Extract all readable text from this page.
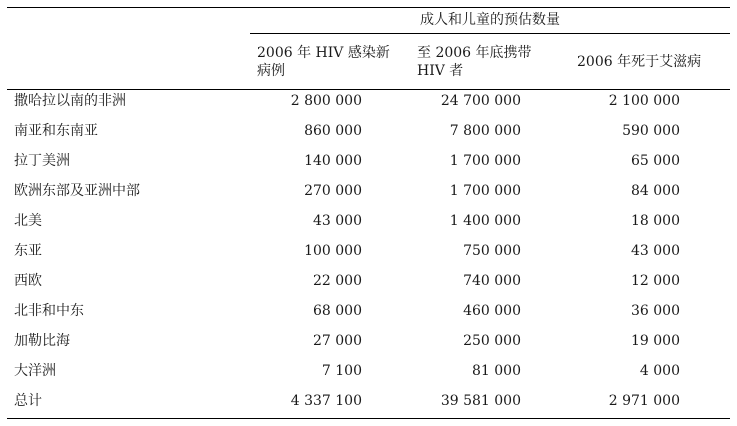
成人和儿童的预估数量
2006 年 HIV 感染新病例
至 2006 年底携带 HIV 者
2006 年死于艾滋病
撒哈拉以南的非洲	2 800 000	24 700 000	2 100 000
南亚和东南亚	860 000	7 800 000	590 000
拉丁美洲	140 000	1 700 000	65 000
欧洲东部及亚洲中部	270 000	1 700 000	84 000
北美	43 000	1 400 000	18 000
东亚	100 000	750 000	43 000
西欧	22 000	740 000	12 000
北非和中东	68 000	460 000	36 000
加勒比海	27 000	250 000	19 000
大洋洲	7 100	81 000	4 000
总计	4 337 100	39 581 000	2 971 000
